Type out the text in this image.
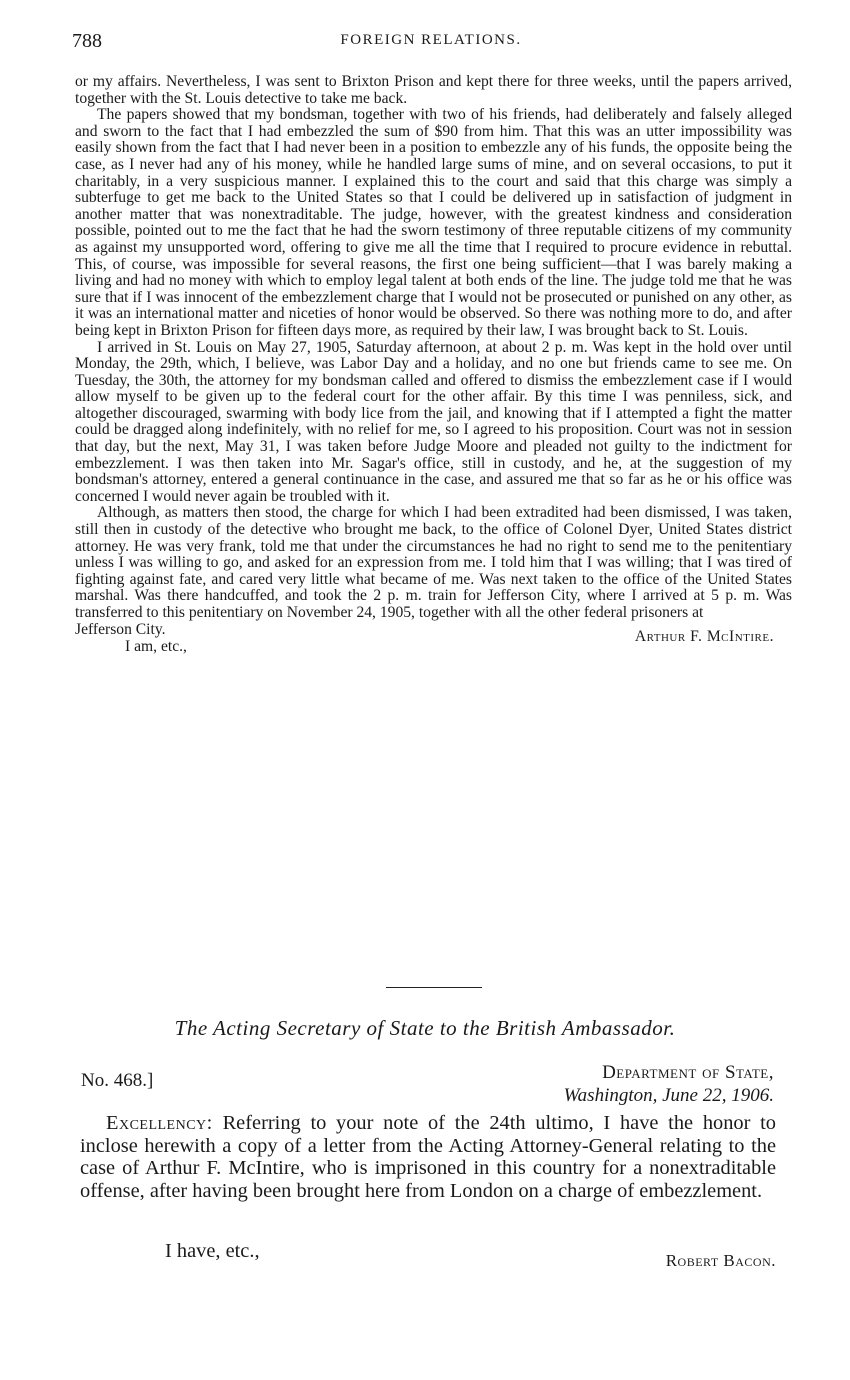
788	FOREIGN RELATIONS.

or my affairs. Nevertheless, I was sent to Brixton Prison and kept there for three weeks, until the papers arrived, together with the St. Louis detective to take me back.

The papers showed that my bondsman, together with two of his friends, had deliberately and falsely alleged and sworn to the fact that I had embezzled the sum of $90 from him. That this was an utter impossibility was easily shown from the fact that I had never been in a position to embezzle any of his funds, the opposite being the case, as I never had any of his money, while he handled large sums of mine, and on several occasions, to put it charitably, in a very suspicious manner. I explained this to the court and said that this charge was simply a subterfuge to get me back to the United States so that I could be delivered up in satisfaction of judgment in another matter that was nonextraditable. The judge, however, with the greatest kindness and consideration possible, pointed out to me the fact that he had the sworn testimony of three reputable citizens of my community as against my unsupported word, offering to give me all the time that I required to procure evidence in rebuttal. This, of course, was impossible for several reasons, the first one being sufficient—that I was barely making a living and had no money with which to employ legal talent at both ends of the line. The judge told me that he was sure that if I was innocent of the embezzlement charge that I would not be prosecuted or punished on any other, as it was an international matter and niceties of honor would be observed. So there was nothing more to do, and after being kept in Brixton Prison for fifteen days more, as required by their law, I was brought back to St. Louis.

I arrived in St. Louis on May 27, 1905, Saturday afternoon, at about 2 p. m. Was kept in the hold over until Monday, the 29th, which, I believe, was Labor Day and a holiday, and no one but friends came to see me. On Tuesday, the 30th, the attorney for my bondsman called and offered to dismiss the embezzlement case if I would allow myself to be given up to the federal court for the other affair. By this time I was penniless, sick, and altogether discouraged, swarming with body lice from the jail, and knowing that if I attempted a fight the matter could be dragged along indefinitely, with no relief for me, so I agreed to his proposition. Court was not in session that day, but the next, May 31, I was taken before Judge Moore and pleaded not guilty to the indictment for embezzlement. I was then taken into Mr. Sagar's office, still in custody, and he, at the suggestion of my bondsman's attorney, entered a general continuance in the case, and assured me that so far as he or his office was concerned I would never again be troubled with it.

Although, as matters then stood, the charge for which I had been extradited had been dismissed, I was taken, still then in custody of the detective who brought me back, to the office of Colonel Dyer, United States district attorney. He was very frank, told me that under the circumstances he had no right to send me to the penitentiary unless I was willing to go, and asked for an expression from me. I told him that I was willing; that I was tired of fighting against fate, and cared very little what became of me. Was next taken to the office of the United States marshal. Was there handcuffed, and took the 2 p. m. train for Jefferson City, where I arrived at 5 p. m. Was transferred to this penitentiary on November 24, 1905, together with all the other federal prisoners at

Jefferson City.
I am, etc.,
Arthur F. McIntire.
The Acting Secretary of State to the British Ambassador.
No. 468.]	Department of State,
Washington, June 22, 1906.

Excellency: Referring to your note of the 24th ultimo, I have the honor to inclose herewith a copy of a letter from the Acting Attorney-General relating to the case of Arthur F. McIntire, who is imprisoned in this country for a nonextraditable offense, after having been brought here from London on a charge of embezzlement.

I have, etc.,	Robert Bacon.
